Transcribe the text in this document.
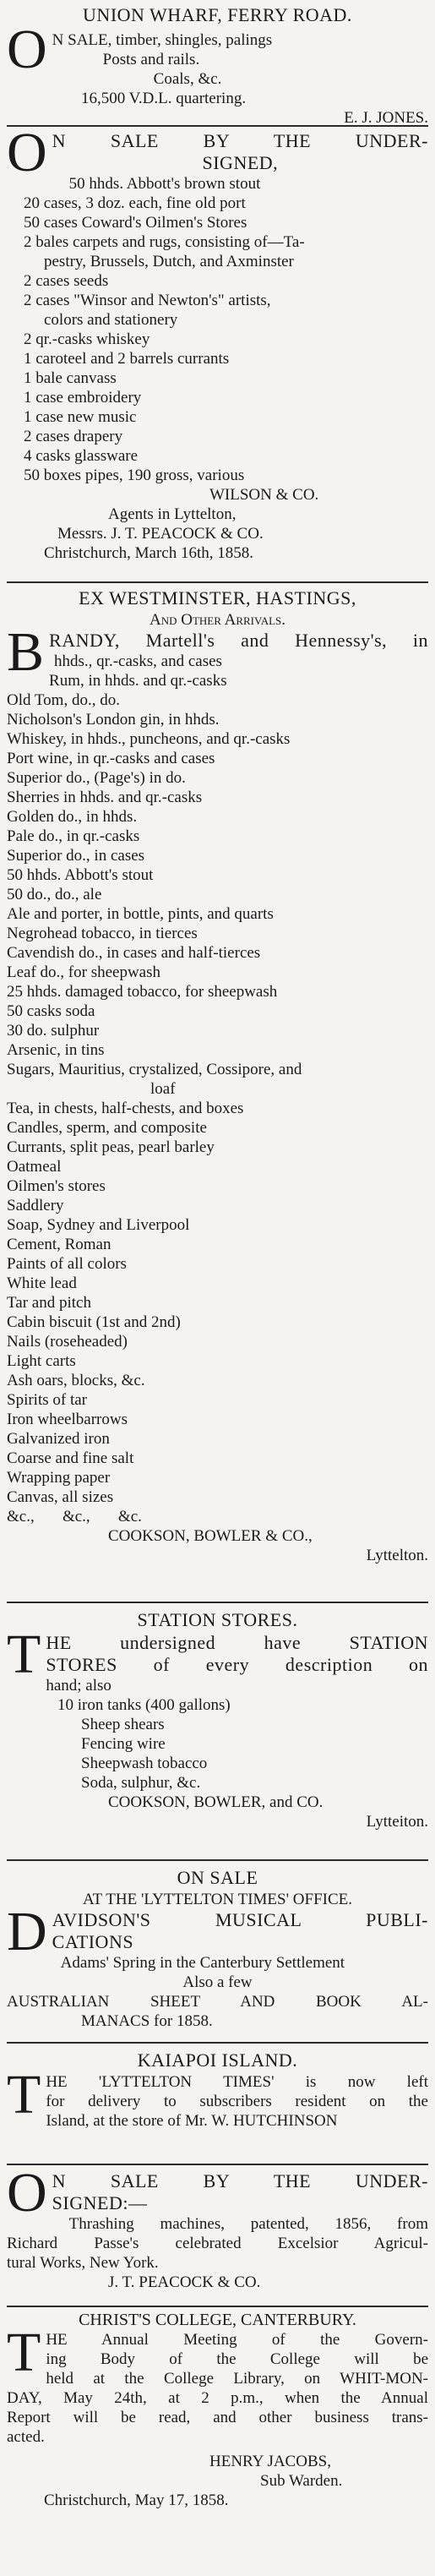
UNION WHARF, FERRY ROAD.
O N SALE, timber, shingles, palings
Posts and rails.
Coals, &c.
16,500 V.D.L. quartering.
E. J. JONES.
O N SALE BY THE UNDER-
SIGNED,
50 hhds. Abbott's brown stout
20 cases, 3 doz. each, fine old port
50 cases Coward's Oilmen's Stores
2 bales carpets and rugs, consisting of—Ta-
pestry, Brussels, Dutch, and Axminster
2 cases seeds
2 cases "Winsor and Newton's" artists,
colors and stationery
2 qr.-casks whiskey
1 caroteel and 2 barrels currants
1 bale canvass
1 case embroidery
1 case new music
2 cases drapery
4 casks glassware
50 boxes pipes, 190 gross, various
WILSON & CO.
Agents in Lyttelton,
Messrs. J. T. PEACOCK & CO.
Christchurch, March 16th, 1858.
EX WESTMINSTER, HASTINGS,
And Other Arrivals.
B RANDY, Martell's and Hennessy's, in
hhds., qr.-casks, and cases
Rum, in hhds. and qr.-casks
Old Tom, do., do.
Nicholson's London gin, in hhds.
Whiskey, in hhds., puncheons, and qr.-casks
Port wine, in qr.-casks and cases
Superior do., (Page's) in do.
Sherries in hhds. and qr.-casks
Golden do., in hhds.
Pale do., in qr.-casks
Superior do., in cases
50 hhds. Abbott's stout
50 do., do., ale
Ale and porter, in bottle, pints, and quarts
Negrohead tobacco, in tierces
Cavendish do., in cases and half-tierces
Leaf do., for sheepwash
25 hhds. damaged tobacco, for sheepwash
50 casks soda
30 do. sulphur
Arsenic, in tins
Sugars, Mauritius, crystalized, Cossipore, and
loaf
Tea, in chests, half-chests, and boxes
Candles, sperm, and composite
Currants, split peas, pearl barley
Oatmeal
Oilmen's stores
Saddlery
Soap, Sydney and Liverpool
Cement, Roman
Paints of all colors
White lead
Tar and pitch
Cabin biscuit (1st and 2nd)
Nails (roseheaded)
Light carts
Ash oars, blocks, &c.
Spirits of tar
Iron wheelbarrows
Galvanized iron
Coarse and fine salt
Wrapping paper
Canvas, all sizes
&c.,       &c.,       &c.
COOKSON, BOWLER & CO.,
Lyttelton.
STATION STORES.
T HE undersigned have STATION
STORES of every description on
hand; also
10 iron tanks (400 gallons)
Sheep shears
Fencing wire
Sheepwash tobacco
Soda, sulphur, &c.
COOKSON, BOWLER, and CO.
Lytteiton.
ON SALE
AT THE 'LYTTELTON TIMES' OFFICE.
D AVIDSON'S MUSICAL PUBLI-
CATIONS
Adams' Spring in the Canterbury Settlement
Also a few
AUSTRALIAN SHEET AND BOOK AL-
MANACS for 1858.
KAIAPOI ISLAND.
T HE 'LYTTELTON TIMES' is now left
for delivery to subscribers resident on the
Island, at the store of Mr. W. HUTCHINSON
O N SALE BY THE UNDER-
SIGNED:—
Thrashing machines, patented, 1856, from
Richard Passe's celebrated Excelsior Agricul-
tural Works, New York.
J. T. PEACOCK & CO.
CHRIST'S COLLEGE, CANTERBURY.
T HE Annual Meeting of the Govern-
ing Body of the College will be
held at the College Library, on WHIT-MON-
DAY, May 24th, at 2 p.m., when the Annual
Report will be read, and other business trans-
acted.
HENRY JACOBS,
Sub Warden.
Christchurch, May 17, 1858.
